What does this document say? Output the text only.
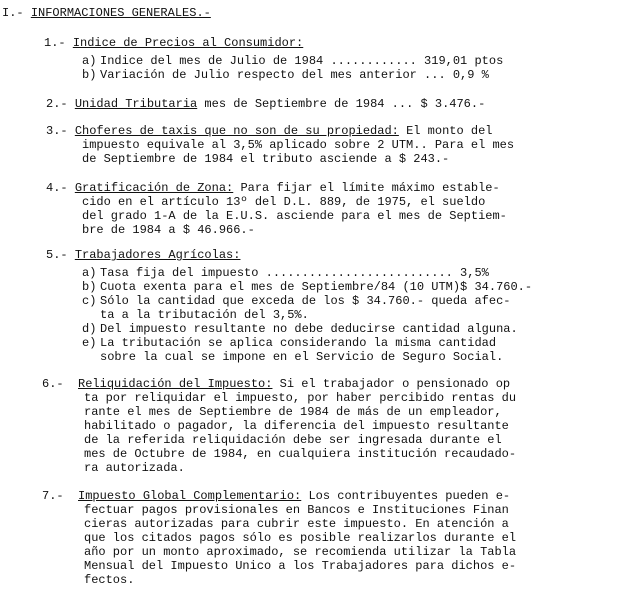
I.- INFORMACIONES GENERALES.-
1.- Indice de Precios al Consumidor:
a) Indice del mes de Julio de 1984 ............ 319,01 ptos
b) Variación de Julio respecto del mes anterior ... 0,9 %
2.- Unidad Tributaria mes de Septiembre de 1984 ... $ 3.476.-
3.- Choferes de taxis que no son de su propiedad: El monto del
impuesto equivale al 3,5% aplicado sobre 2 UTM.. Para el mes
de Septiembre de 1984 el tributo asciende a $ 243.-
4.- Gratificación de Zona: Para fijar el límite máximo estable-
cido en el artículo 13º del D.L. 889, de 1975, el sueldo
del grado 1-A de la E.U.S. asciende para el mes de Septiem-
bre de 1984 a $ 46.966.-
5.- Trabajadores Agrícolas:
a) Tasa fija del impuesto .......................... 3,5%
b) Cuota exenta para el mes de Septiembre/84 (10 UTM)$ 34.760.-
c) Sólo la cantidad que exceda de los $ 34.760.- queda afec-
ta a la tributación del 3,5%.
d) Del impuesto resultante no debe deducirse cantidad alguna.
e) La tributación se aplica considerando la misma cantidad
sobre la cual se impone en el Servicio de Seguro Social.
6.- Reliquidación del Impuesto: Si el trabajador o pensionado op
ta por reliquidar el impuesto, por haber percibido rentas du
rante el mes de Septiembre de 1984 de más de un empleador,
habilitado o pagador, la diferencia del impuesto resultante
de la referida reliquidación debe ser ingresada durante el
mes de Octubre de 1984, en cualquiera institución recaudado-
ra autorizada.
7.- Impuesto Global Complementario: Los contribuyentes pueden e-
fectuar pagos provisionales en Bancos e Instituciones Finan
cieras autorizadas para cubrir este impuesto. En atención a
que los citados pagos sólo es posible realizarlos durante el
año por un monto aproximado, se recomienda utilizar la Tabla
Mensual del Impuesto Unico a los Trabajadores para dichos e-
fectos.
